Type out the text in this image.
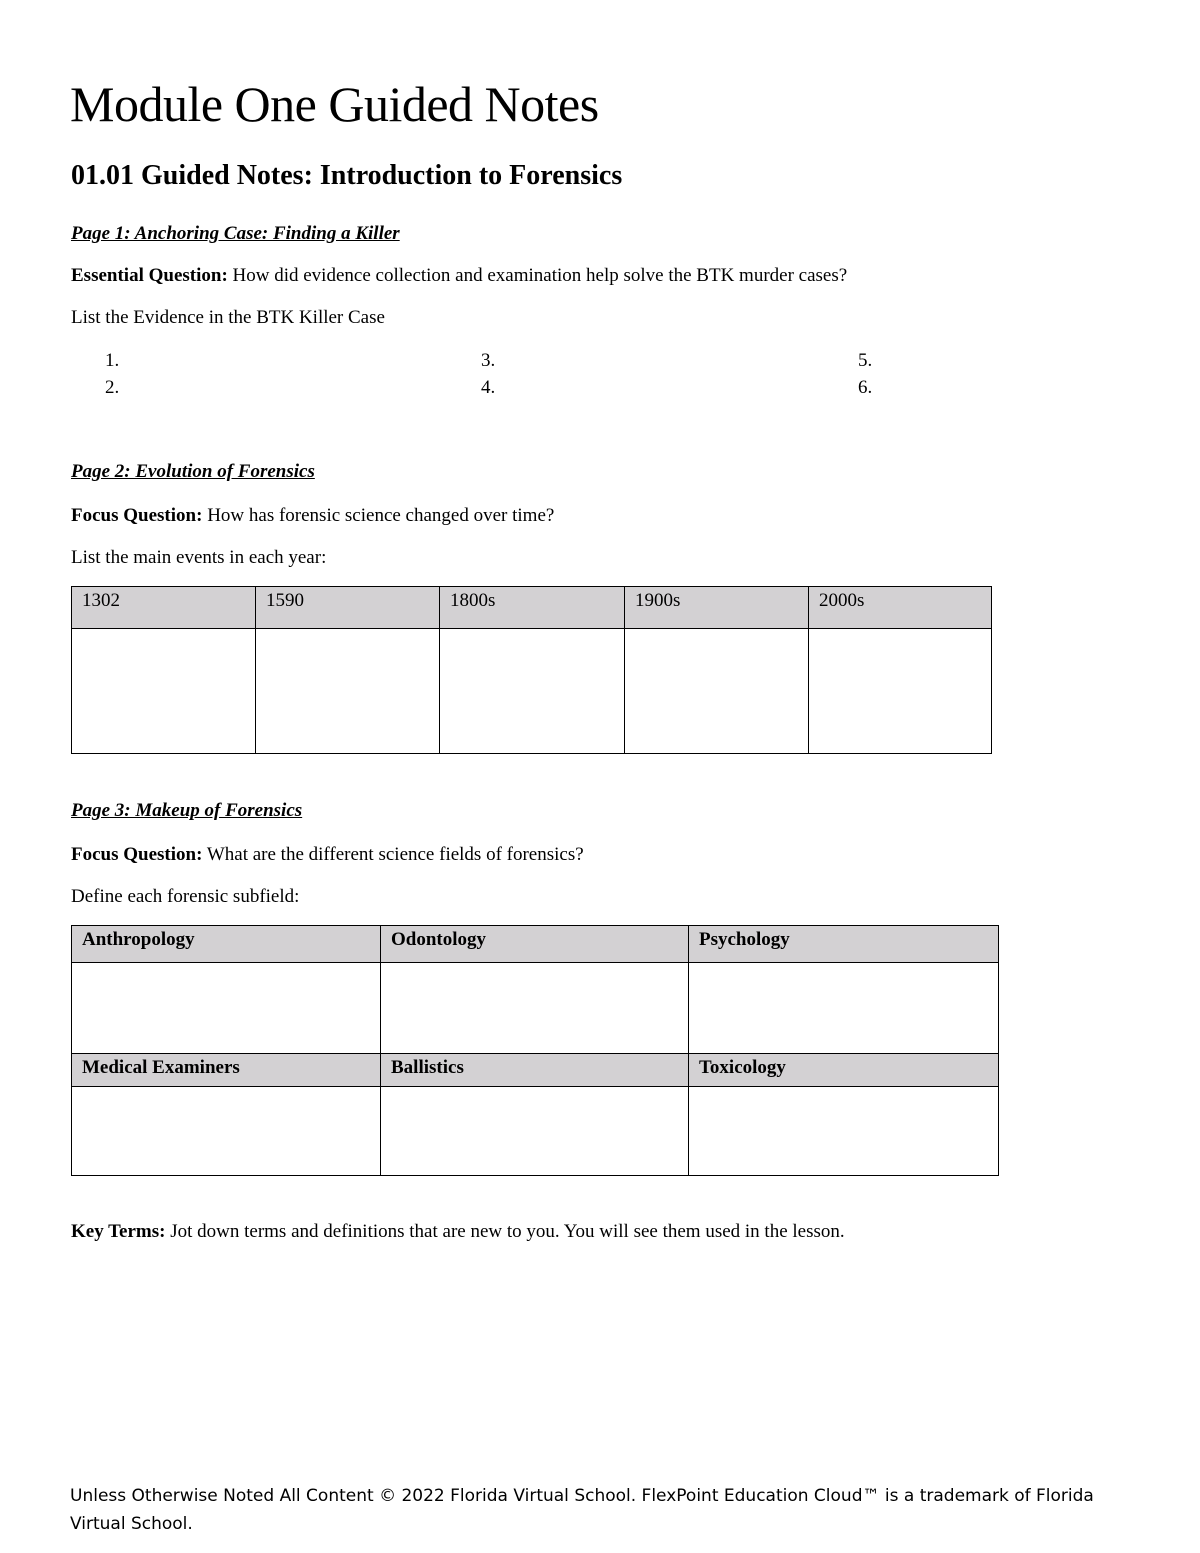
Module One Guided Notes
01.01 Guided Notes: Introduction to Forensics
Page 1: Anchoring Case: Finding a Killer
Essential Question: How did evidence collection and examination help solve the BTK murder cases?
List the Evidence in the BTK Killer Case
1.
2.
3.
4.
5.
6.
Page 2: Evolution of Forensics
Focus Question: How has forensic science changed over time?
List the main events in each year:
1302	1590	1800s	1900s	2000s

Page 3: Makeup of Forensics
Focus Question: What are the different science fields of forensics?
Define each forensic subfield:
Anthropology	Odontology	Psychology

Medical Examiners	Ballistics	Toxicology

Key Terms: Jot down terms and definitions that are new to you. You will see them used in the lesson.
Unless Otherwise Noted All Content © 2022 Florida Virtual School. FlexPoint Education Cloud™ is a trademark of Florida Virtual School.
